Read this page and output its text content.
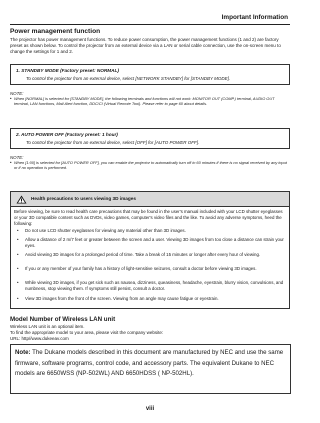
Important Information
Power management function
The projector has power management functions. To reduce power consumption, the power management functions (1 and 2) are factory preset as shown below. To control the projector from an external device via a LAN or serial cable connection, use the on-screen menu to change the settings for 1 and 2.
1. STANDBY MODE (Factory preset: NORMAL)
To control the projector from an external device, select [NETWORK STANDBY] for [STANDBY MODE].
NOTE:
• When [NORMAL] is selected for [STANDBY MODE], the following terminals and functions will not work: MONITOR OUT (COMP.) terminal, AUDIO OUT terminal, LAN functions, Mail Alert function, DDC/CI (Virtual Remote Tool). Please refer to page 60 about details.
2. AUTO POWER OFF (Factory preset: 1 hour)
To control the projector from an external device, select [OFF] for [AUTO POWER OFF].
NOTE:
• When [1:00] is selected for [AUTO POWER OFF], you can enable the projector to automatically turn off in 60 minutes if there is no signal received by any input or if no operation is performed.
Health precautions to users viewing 3D images
Before viewing, be sure to read health care precautions that may be found in the user's manual included with your LCD shutter eyeglasses or your 3D compatible content such as DVDs, video games, computer's video files and the like. To avoid any adverse symptoms, heed the following:
• Do not use LCD shutter eyeglasses for viewing any material other than 3D images.
• Allow a distance of 2 m/7 feet or greater between the screen and a user. Viewing 3D images from too close a distance can strain your eyes.
• Avoid viewing 3D images for a prolonged period of time. Take a break of 15 minutes or longer after every hour of viewing.
• If you or any member of your family has a history of light-sensitive seizures, consult a doctor before viewing 3D images.
• While viewing 3D images, if you get sick such as nausea, dizziness, queasiness, headache, eyestrain, blurry vision, convulsions, and numbness, stop viewing them. If symptoms still persist, consult a doctor.
• View 3D images from the front of the screen. Viewing from an angle may cause fatigue or eyestrain.
Model Number of Wireless LAN unit
Wireless LAN unit is an optional item.
To find the appropriate model to your area, please visit the company website:
URL: http//www.dukeeav.com
Note: The Dukane models described in this document are manufactured by NEC and use the same firmware, software programs, control code, and accessory parts. The equivalent Dukane to NEC models are 6650WSS (NP-502WL) AND 6650HDSS ( NP-502HL).
viii
